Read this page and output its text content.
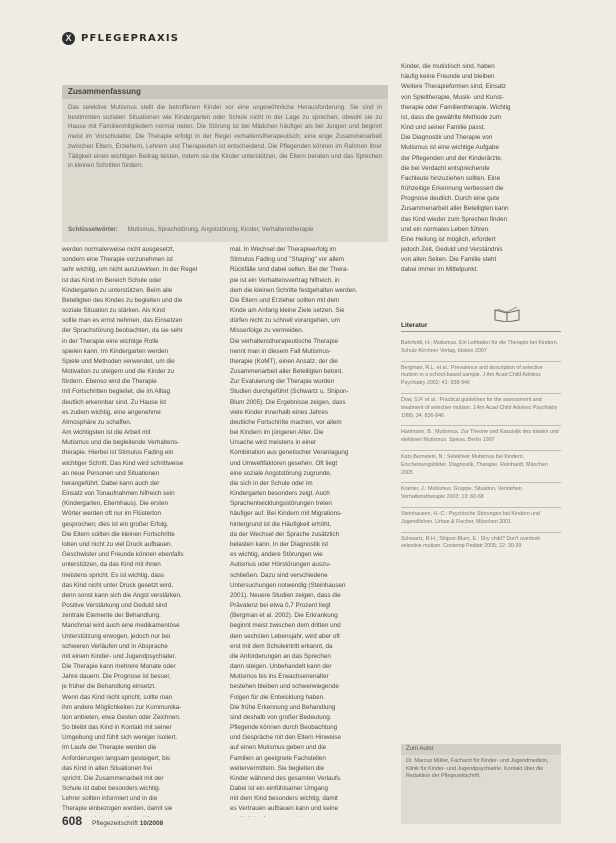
X PFLEGEPRAXIS
Zusammenfassung
Das selektive Mutismus stellt die betroffenen Kinder vor eine ungewöhnliche Herausforderung. Sie sind in bestimmten sozialen Situationen wie Kindergarten oder Schule nicht in der Lage zu sprechen, obwohl sie zu Hause mit Familienmitgliedern normal reden. Die Störung ist bei Mädchen häufiger als bei Jungen und beginnt meist im Vorschulalter. Die Therapie erfolgt in der Regel verhaltenstherapeutisch; eine enge Zusammenarbeit zwischen Eltern, Erziehern, Lehrern und Therapeuten ist entscheidend. Die Pflegenden können im Rahmen ihrer Tätigkeit einen wichtigen Beitrag leisten, indem sie die Kinder unterstützen, die Eltern beraten und das Sprechen in kleinen Schritten fördern.
Schlüsselwörter: Mutismus, Sprachstörung, Angststörung, Kinder, Verhaltenstherapie
werden normalerweise nicht ausgesetzt,
sondern eine Therapie vorzunehmen ist
sehr wichtig, um nicht auszuwirken. In der Regel
ist das Kind im Bereich Schule oder
Kindergarten zu unterstützen. Beim alle
Beteiligten des Kindes zu begleiten und die
soziale Situation zu stärken. Als Kind
sollte man es ernst nehmen, das Einsetzen
der Sprachstörung beobachten, da sie sehr
in der Therapie eine wichtige Rolle
spielen kann. Im Kindergarten werden
Spiele und Methoden verwendet, um die
Motivation zu steigern und die Kinder zu
fördern. Ebenso wird die Therapie
mit Fortschritten begleitet, die im Alltag
deutlich erkennbar sind. Zu Hause ist
es zudem wichtig, eine angenehme
Atmosphäre zu schaffen.
Am wichtigsten ist die Arbeit mit
Mutismus und die begleitende Verhaltens-
therapie. Hierbei ist Stimulus Fading ein
wichtiger Schritt. Das Kind wird schrittweise
an neue Personen und Situationen
herangeführt. Dabei kann auch der
Einsatz von Tonaufnahmen hilfreich sein
(Kindergarten, Elternhaus). Die ersten
Wörter werden oft nur im Flüsterton
gesprochen; dies ist ein großer Erfolg.
Die Eltern sollten die kleinen Fortschritte
loben und nicht zu viel Druck aufbauen.
Geschwister und Freunde können ebenfalls
unterstützen, da das Kind mit ihnen
meistens spricht. Es ist wichtig, dass
das Kind nicht unter Druck gesetzt wird,
denn sonst kann sich die Angst verstärken.
Positive Verstärkung und Geduld sind
zentrale Elemente der Behandlung.
Manchmal wird auch eine medikamentöse
Unterstützung erwogen, jedoch nur bei
schweren Verläufen und in Absprache
mit einem Kinder- und Jugendpsychiater.
Die Therapie kann mehrere Monate oder
Jahre dauern. Die Prognose ist besser,
je früher die Behandlung einsetzt.
Wenn das Kind nicht spricht, sollte man
ihm andere Möglichkeiten zur Kommunika-
tion anbieten, etwa Gesten oder Zeichnen.
So bleibt das Kind in Kontakt mit seiner
Umgebung und fühlt sich weniger isoliert.
Im Laufe der Therapie werden die
Anforderungen langsam gesteigert, bis
das Kind in allen Situationen frei
spricht. Die Zusammenarbeit mit der
Schule ist dabei besonders wichtig.
Lehrer sollten informiert und in die
Therapie einbezogen werden, damit sie
mal. In Wechsel der Therapieerfolg im
Stimulus Fading und "Shaping" vor allem
Rückfälle sind dabei selten. Bei der Thera-
pie ist ein Verhaltensvertrag hilfreich, in
dem die kleinen Schritte festgehalten werden.
Die Eltern und Erzieher sollten mit dem
Kinde am Anfang kleine Ziele setzen. Sie
dürfen nicht zu schnell vorangehen, um
Misserfolge zu vermeiden.
Die verhaltenstherapeutische Therapie
nennt man in diesem Fall Mutismus-
therapie (KoMT), einen Ansatz, der die
Zusammenarbeit aller Beteiligten betont.
Zur Evaluierung der Therapie wurden
Studien durchgeführt (Schwartz u. Shipon-
Blum 2005). Die Ergebnisse zeigen, dass
viele Kinder innerhalb eines Jahres
deutliche Fortschritte machen, vor allem
bei Kindern im jüngeren Alter. Die
Ursache wird meistens in einer
Kombination aus genetischer Veranlagung
und Umweltfaktoren gesehen. Oft liegt
eine soziale Angststörung zugrunde,
die sich in der Schule oder im
Kindergarten besonders zeigt. Auch
Sprachentwicklungsstörungen treten
häufiger auf. Bei Kindern mit Migrations-
hintergrund ist die Häufigkeit erhöht,
da der Wechsel der Sprache zusätzlich
belasten kann. In der Diagnostik ist
es wichtig, andere Störungen wie
Autismus oder Hörstörungen auszu-
schließen. Dazu sind verschiedene
Untersuchungen notwendig (Steinhausen
2001). Neuere Studien zeigen, dass die
Prävalenz bei etwa 0,7 Prozent liegt
(Bergman et al. 2002). Die Erkrankung
beginnt meist zwischen dem dritten und
dem sechsten Lebensjahr, wird aber oft
erst mit dem Schuleintritt erkannt, da
die Anforderungen an das Sprechen
dann steigen. Unbehandelt kann der
Mutismus bis ins Erwachsenenalter
bestehen bleiben und schwerwiegende
Folgen für die Entwicklung haben.
Die frühe Erkennung und Behandlung
sind deshalb von großer Bedeutung.
Pflegende können durch Beobachtung
und Gespräche mit den Eltern Hinweise
auf einen Mutismus geben und die
Familien an geeignete Fachstellen
weitervermitteln. Sie begleiten die
Kinder während des gesamten Verlaufs.
Dabei ist ein einfühlsamer Umgang
mit dem Kind besonders wichtig, damit
es Vertrauen aufbauen kann und keine
Kinder, die mutistisch sind, haben
häufig keine Freunde und bleiben
Weitere Therapieformen sind, Einsatz
von Spieltherapie, Musik- und Kunst-
therapie oder Familientherapie. Wichtig
ist, dass die gewählte Methode zum
Kind und seiner Familie passt.
Die Diagnostik und Therapie von
Mutismus ist eine wichtige Aufgabe
der Pflegenden und der Kinderärzte,
die bei Verdacht entsprechende
Fachleute hinzuziehen sollten. Eine
frühzeitige Erkennung verbessert die
Prognose deutlich. Durch eine gute
Zusammenarbeit aller Beteiligten kann
das Kind wieder zum Sprechen finden
und ein normales Leben führen.
Eine Heilung ist möglich, erfordert
jedoch Zeit, Geduld und Verständnis
von allen Seiten. Die Familie steht
dabei immer im Mittelpunkt.
Literatur
Bahrfeldt, H.; Mutismus. Ein Leitfaden für die Therapie bei Kindern. Schulz-Kirchner Verlag, Idstein 2007
Bergman, R.L. et al.: Prevalence and description of selective mutism in a school-based sample. J Am Acad Child Adolesc Psychiatry 2002; 41: 938-946
Dow, S.P. et al.: Practical guidelines for the assessment and treatment of selective mutism. J Am Acad Child Adolesc Psychiatry 1995; 34: 836-846
Hartmann, B.: Mutismus. Zur Theorie und Kasuistik des totalen und elektiven Mutismus. Spiess, Berlin 1997
Katz-Bernstein, N.: Selektiver Mutismus bei Kindern. Erscheinungsbilder, Diagnostik, Therapie. Reinhardt, München 2005
Kramer, J.: Mutismus. Gruppe, Situation, Verstehen. Verhaltenstherapie 2003; 13: 60-68
Steinhausen, H.-C.: Psychische Störungen bei Kindern und Jugendlichen. Urban & Fischer, München 2001
Schwartz, R.H.; Shipon-Blum, E.: Shy child? Don't overlook selective mutism. Contemp Pediatr 2005; 22: 30-39
Zum Autor
Dr. Marcus Müller, Facharzt für Kinder- und Jugendmedizin, Klinik für Kinder- und Jugendpsychiatrie. Kontakt über die Redaktion der Pflegezeitschrift.
608 Pflegezeitschrift 10/2008
